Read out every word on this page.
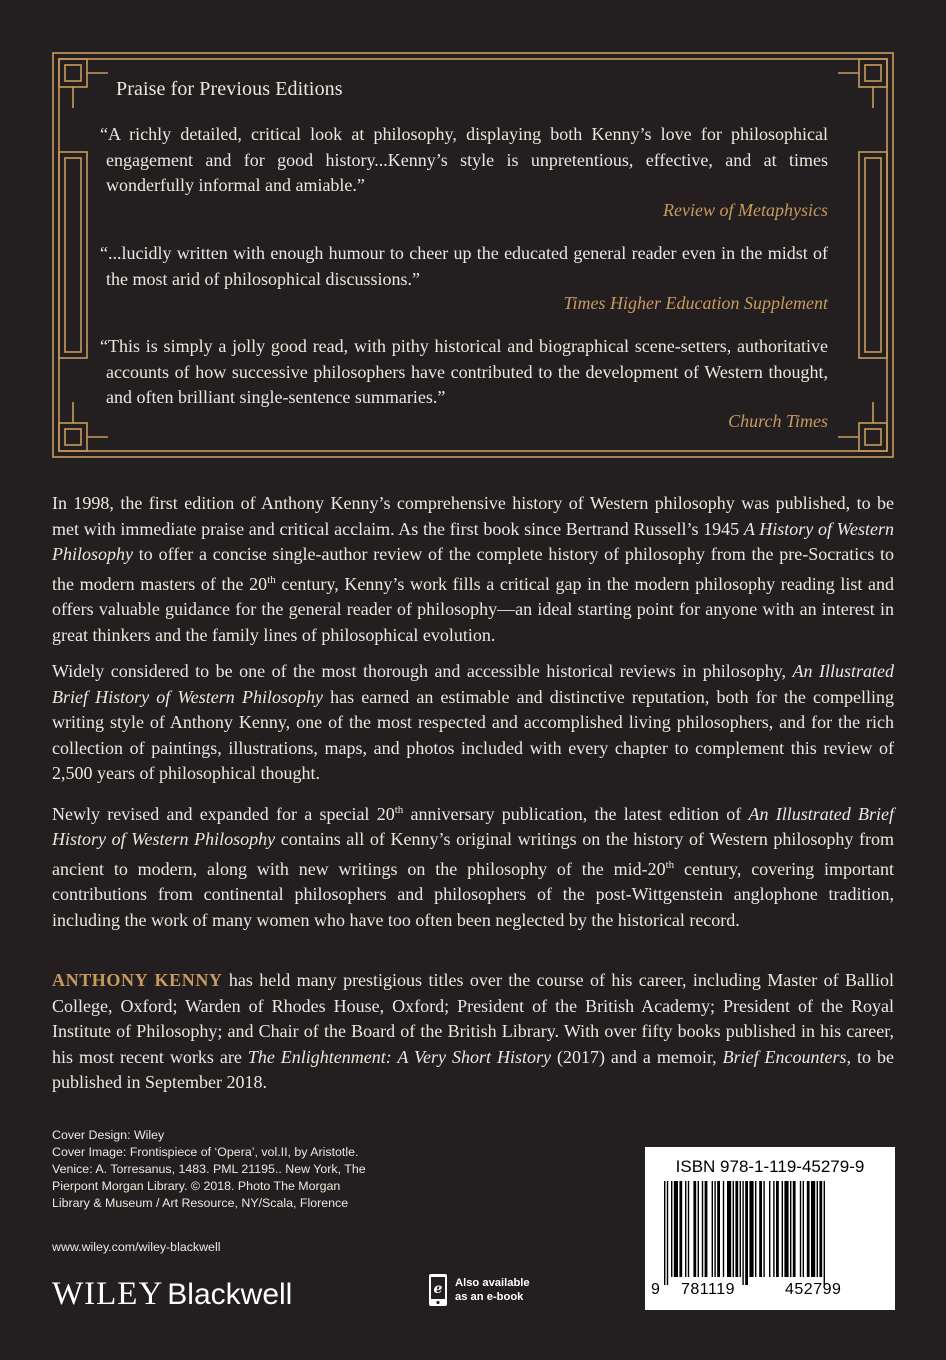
Praise for Previous Editions

“A richly detailed, critical look at philosophy, displaying both Kenny’s love for philosophical engagement and for good history...Kenny’s style is unpretentious, effective, and at times wonderfully informal and amiable.”

Review of Metaphysics

“...lucidly written with enough humour to cheer up the educated general reader even in the midst of the most arid of philosophical discussions.”

Times Higher Education Supplement

“This is simply a jolly good read, with pithy historical and biographical scene-setters, authoritative accounts of how successive philosophers have contributed to the development of Western thought, and often brilliant single-sentence summaries.”

Church Times

In 1998, the first edition of Anthony Kenny’s comprehensive history of Western philosophy was published, to be met with immediate praise and critical acclaim. As the first book since Bertrand Russell’s 1945 A History of Western Philosophy to offer a concise single-author review of the complete history of philosophy from the pre-Socratics to the modern masters of the 20th century, Kenny’s work fills a critical gap in the modern philosophy reading list and offers valuable guidance for the general reader of philosophy—an ideal starting point for anyone with an interest in great thinkers and the family lines of philosophical evolution.

Widely considered to be one of the most thorough and accessible historical reviews in philosophy, An Illustrated Brief History of Western Philosophy has earned an estimable and distinctive reputation, both for the compelling writing style of Anthony Kenny, one of the most respected and accomplished living philosophers, and for the rich collection of paintings, illustrations, maps, and photos included with every chapter to complement this review of 2,500 years of philosophical thought.

Newly revised and expanded for a special 20th anniversary publication, the latest edition of An Illustrated Brief History of Western Philosophy contains all of Kenny’s original writings on the history of Western philosophy from ancient to modern, along with new writings on the philosophy of the mid-20th century, covering important contributions from continental philosophers and philosophers of the post-Wittgenstein anglophone tradition, including the work of many women who have too often been neglected by the historical record.

ANTHONY KENNY has held many prestigious titles over the course of his career, including Master of Balliol College, Oxford; Warden of Rhodes House, Oxford; President of the British Academy; President of the Royal Institute of Philosophy; and Chair of the Board of the British Library. With over fifty books published in his career, his most recent works are The Enlightenment: A Very Short History (2017) and a memoir, Brief Encounters, to be published in September 2018.
Cover Design: Wiley
Cover Image: Frontispiece of ‘Opera’, vol.II, by Aristotle.
Venice: A. Torresanus, 1483. PML 21195.. New York, The
Pierpont Morgan Library. © 2018. Photo The Morgan
Library & Museum / Art Resource, NY/Scala, Florence
www.wiley.com/wiley-blackwell
WILEY Blackwell	e Also available
as an e-book
ISBN 978-1-119-45279-9
9 781119	452799
